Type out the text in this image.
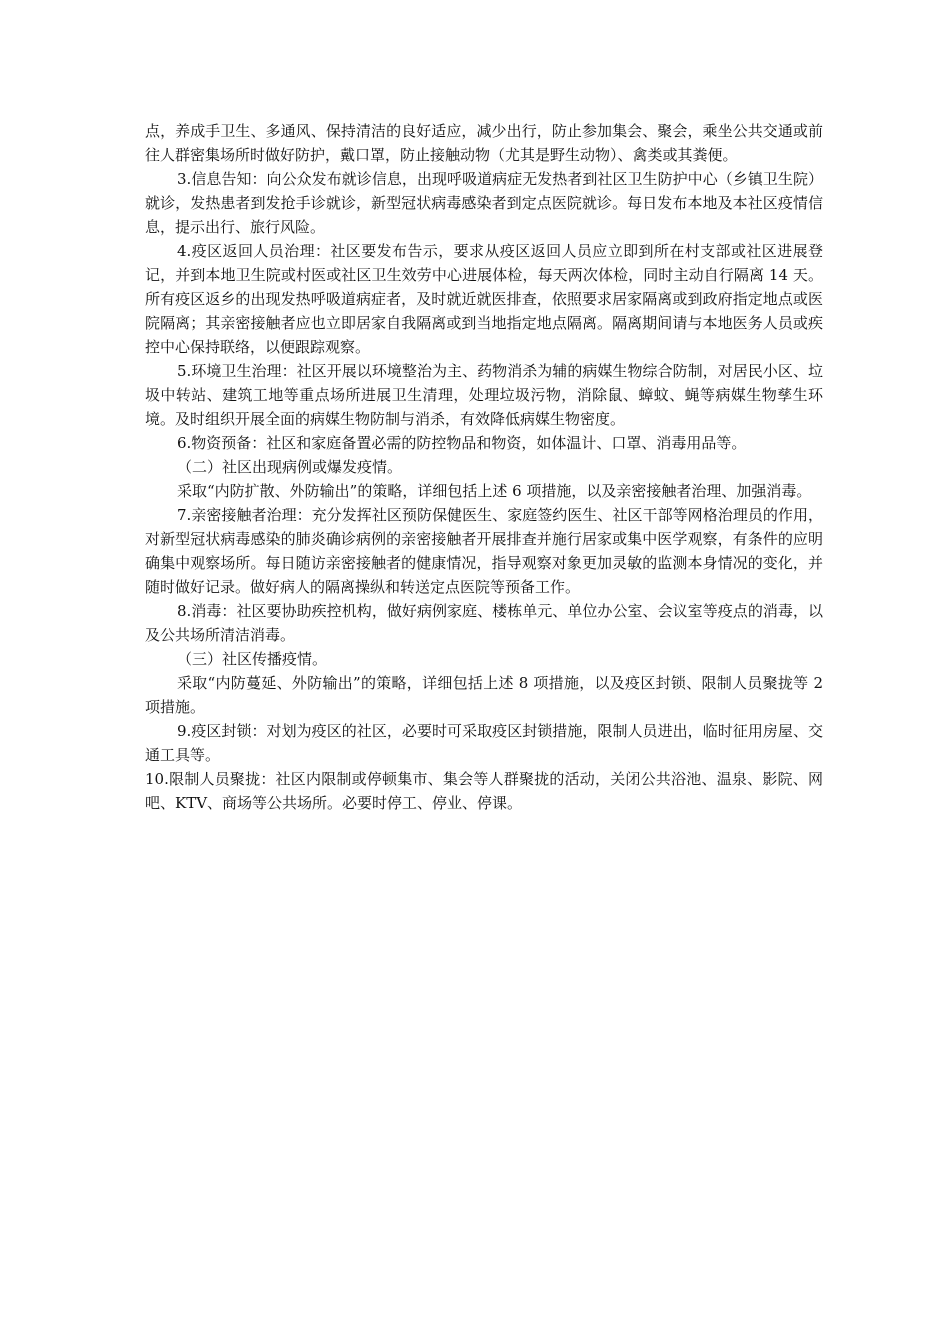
点，养成手卫生、多通风、保持清洁的良好适应，减少出行，防止参加集会、聚会，乘坐公共交通或前往人群密集场所时做好防护，戴口罩，防止接触动物（尤其是野生动物）、禽类或其粪便。

3.信息告知：向公众发布就诊信息，出现呼吸道病症无发热者到社区卫生防护中心（乡镇卫生院）就诊，发热患者到发抢手诊就诊，新型冠状病毒感染者到定点医院就诊。每日发布本地及本社区疫情信息，提示出行、旅行风险。

4.疫区返回人员治理：社区要发布告示，要求从疫区返回人员应立即到所在村支部或社区进展登记，并到本地卫生院或村医或社区卫生效劳中心进展体检，每天两次体检，同时主动自行隔离 14 天。所有疫区返乡的出现发热呼吸道病症者，及时就近就医排查，依照要求居家隔离或到政府指定地点或医院隔离；其亲密接触者应也立即居家自我隔离或到当地指定地点隔离。隔离期间请与本地医务人员或疾控中心保持联络，以便跟踪观察。

5.环境卫生治理：社区开展以环境整治为主、药物消杀为辅的病媒生物综合防制，对居民小区、垃圾中转站、建筑工地等重点场所进展卫生清理，处理垃圾污物，消除鼠、蟑蚊、蝇等病媒生物孳生环境。及时组织开展全面的病媒生物防制与消杀，有效降低病媒生物密度。

6.物资预备：社区和家庭备置必需的防控物品和物资，如体温计、口罩、消毒用品等。

（二）社区出现病例或爆发疫情。

采取“内防扩散、外防输出”的策略，详细包括上述 6 项措施，以及亲密接触者治理、加强消毒。

7.亲密接触者治理：充分发挥社区预防保健医生、家庭签约医生、社区干部等网格治理员的作用，对新型冠状病毒感染的肺炎确诊病例的亲密接触者开展排查并施行居家或集中医学观察，有条件的应明确集中观察场所。每日随访亲密接触者的健康情况，指导观察对象更加灵敏的监测本身情况的变化，并随时做好记录。做好病人的隔离操纵和转送定点医院等预备工作。

8.消毒：社区要协助疾控机构，做好病例家庭、楼栋单元、单位办公室、会议室等疫点的消毒，以及公共场所清洁消毒。

（三）社区传播疫情。

采取“内防蔓延、外防输出”的策略，详细包括上述 8 项措施，以及疫区封锁、限制人员聚拢等 2 项措施。

9.疫区封锁：对划为疫区的社区，必要时可采取疫区封锁措施，限制人员进出，临时征用房屋、交通工具等。

10.限制人员聚拢：社区内限制或停顿集市、集会等人群聚拢的活动，关闭公共浴池、温泉、影院、网吧、KTV、商场等公共场所。必要时停工、停业、停课。
